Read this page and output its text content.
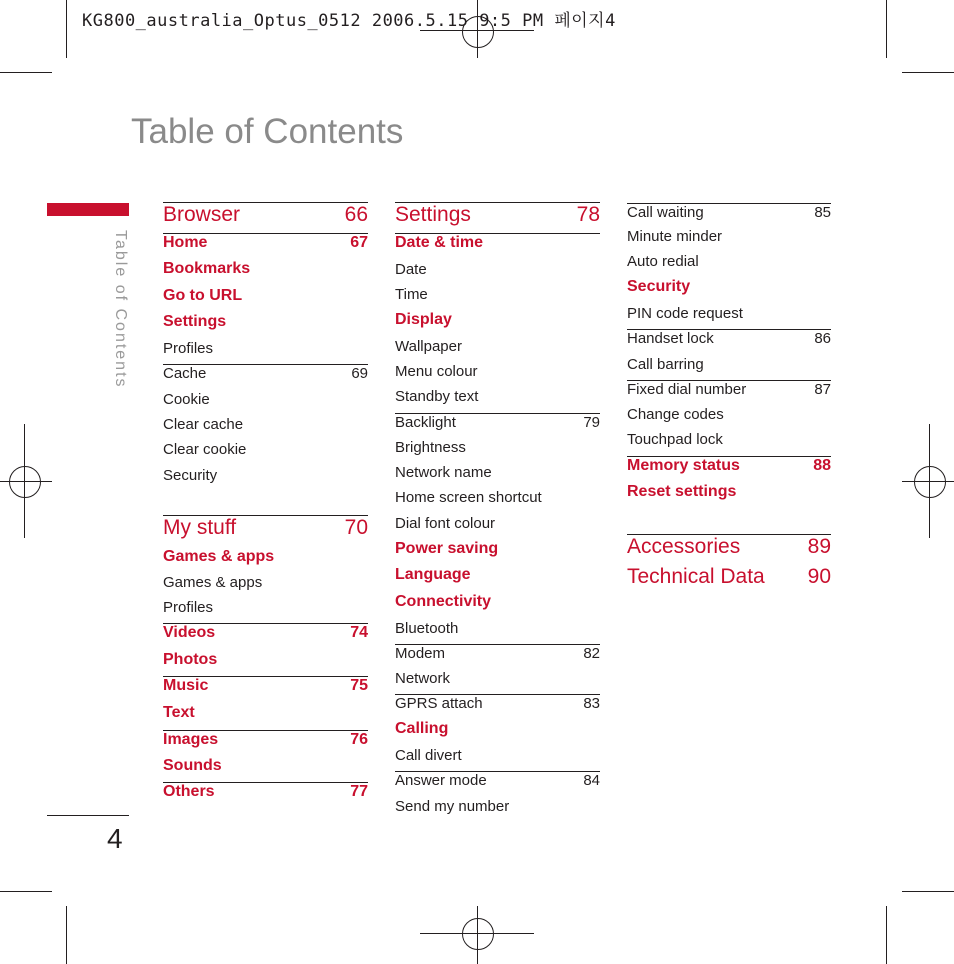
KG800_australia_Optus_0512 2006.5.15 9:5 PM 페이지4
Table of Contents
Table of Contents
4
Browser	66
Home	67
Bookmarks
Go to URL
Settings
Profiles
Cache	69
Cookie
Clear cache
Clear cookie
Security
My stuff	70
Games & apps
Games & apps
Profiles
Videos	74
Photos
Music	75
Text
Images	76
Sounds
Others	77
Settings	78
Date & time
Date
Time
Display
Wallpaper
Menu colour
Standby text
Backlight	79
Brightness
Network name
Home screen shortcut
Dial font colour
Power saving
Language
Connectivity
Bluetooth
Modem	82
Network
GPRS attach	83
Calling
Call divert
Answer mode	84
Send my number
Call waiting	85
Minute minder
Auto redial
Security
PIN code request
Handset lock	86
Call barring
Fixed dial number	87
Change codes
Touchpad lock
Memory status	88
Reset settings
Accessories	89
Technical Data 90
